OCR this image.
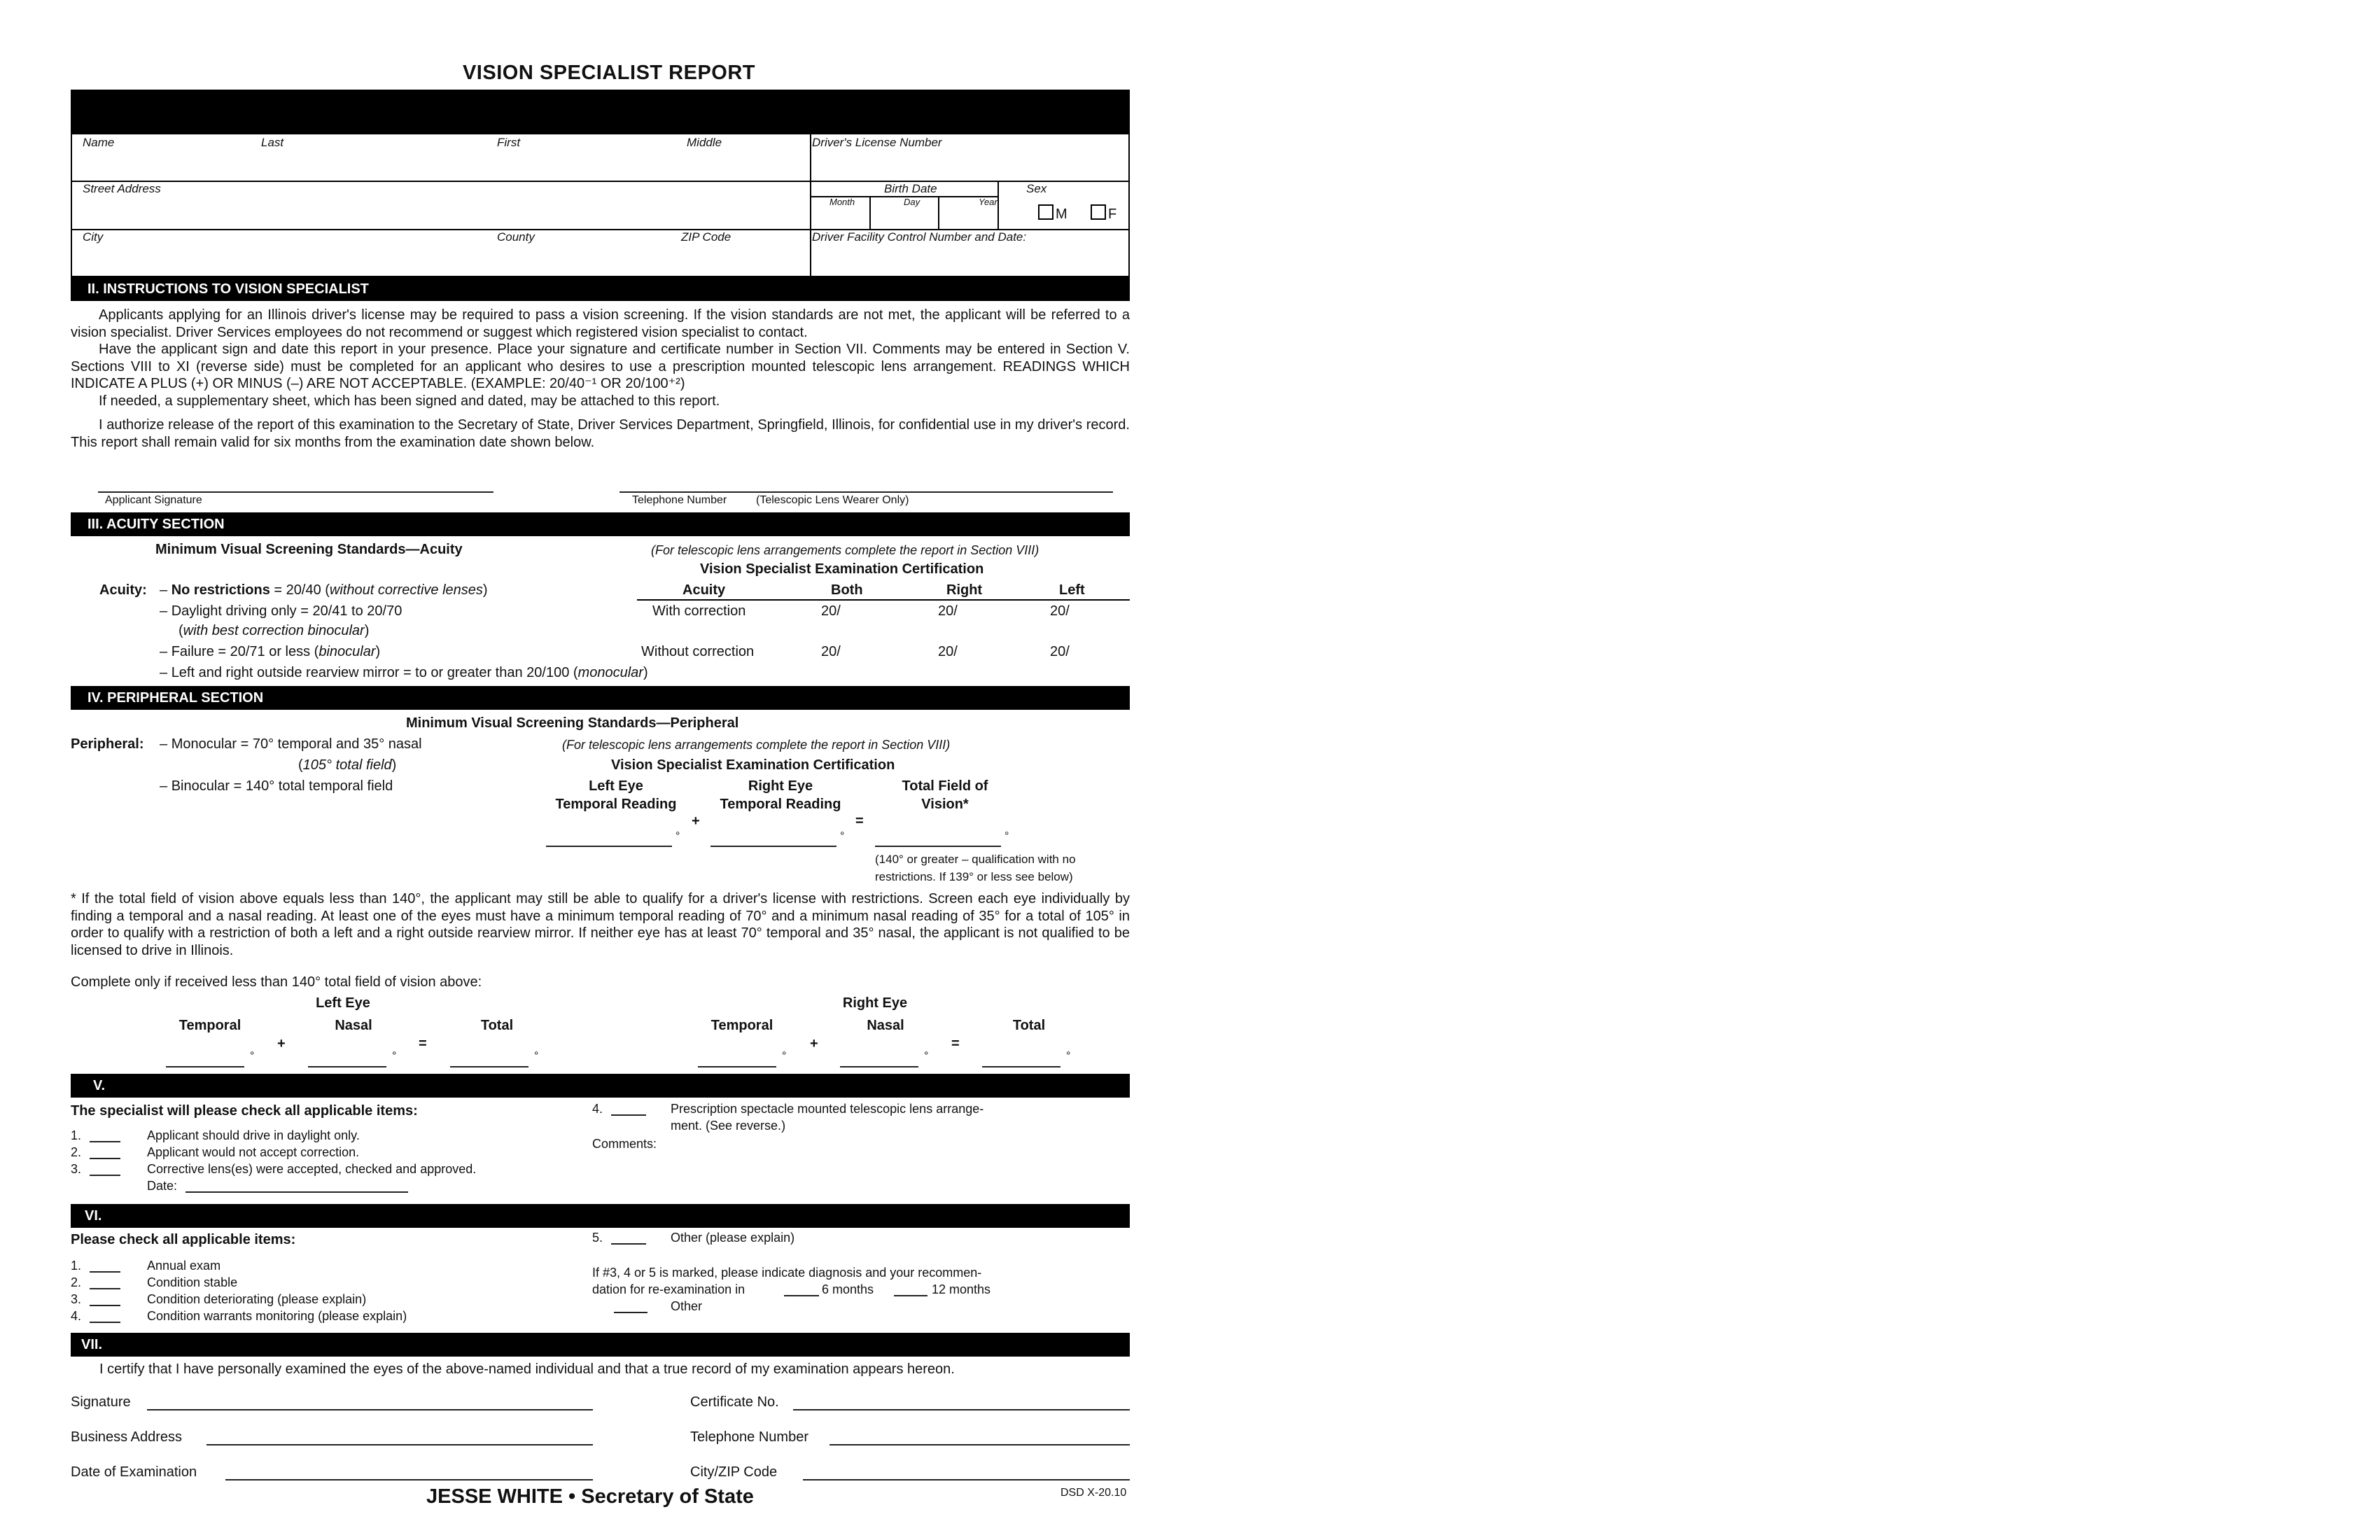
VISION SPECIALIST REPORT
Name	Last	First	Middle	Driver's License Number
Street Address	Birth Date
Month	Day	Year
Sex
M	F
City	County	ZIP Code	Driver Facility Control Number and Date:
II. INSTRUCTIONS TO VISION SPECIALIST

Applicants applying for an Illinois driver's license may be required to pass a vision screening. If the vision standards are not met, the applicant will be referred to a vision specialist. Driver Services employees do not recommend or suggest which registered vision specialist to contact.

Have the applicant sign and date this report in your presence. Place your signature and certificate number in Section VII. Comments may be entered in Section V. Sections VIII to XI (reverse side) must be completed for an applicant who desires to use a prescription mounted telescopic lens arrangement. READINGS WHICH INDICATE A PLUS (+) OR MINUS (–) ARE NOT ACCEPTABLE. (EXAMPLE: 20/40⁻¹ OR 20/100⁺²)

If needed, a supplementary sheet, which has been signed and dated, may be attached to this report.

I authorize release of the report of this examination to the Secretary of State, Driver Services Department, Springfield, Illinois, for confidential use in my driver's record. This report shall remain valid for six months from the examination date shown below.

Applicant Signature	Telephone Number	(Telescopic Lens Wearer Only)
III. ACUITY SECTION
Minimum Visual Screening Standards—Acuity	(For telescopic lens arrangements complete the report in Section VIII)
Vision Specialist Examination Certification
Acuity: – No restrictions = 20/40 (without corrective lenses)
– Daylight driving only = 20/41 to 20/70
(with best correction binocular)
– Failure = 20/71 or less (binocular)
– Left and right outside rearview mirror = to or greater than 20/100 (monocular)
Acuity	Both	Right	Left
With correction	20/	20/	20/
Without correction	20/	20/	20/
IV. PERIPHERAL SECTION
Minimum Visual Screening Standards—Peripheral
Peripheral: – Monocular = 70° temporal and 35° nasal
(105° total field)
– Binocular = 140° total temporal field
(For telescopic lens arrangements complete the report in Section VIII)
Vision Specialist Examination Certification
Left Eye
Temporal Reading
Right Eye
Temporal Reading
Total Field of
Vision*
+	=
°	°	°
(140° or greater – qualification with no
restrictions. If 139° or less see below)

* If the total field of vision above equals less than 140°, the applicant may still be able to qualify for a driver's license with restrictions. Screen each eye individually by finding a temporal and a nasal reading. At least one of the eyes must have a minimum temporal reading of 70° and a minimum nasal reading of 35° for a total of 105° in order to qualify with a restriction of both a left and a right outside rearview mirror. If neither eye has at least 70° temporal and 35° nasal, the applicant is not qualified to be licensed to drive in Illinois.

Complete only if received less than 140° total field of vision above:
Left Eye	Right Eye
Temporal	Nasal	Total	Temporal	Nasal	Total
+	=	+	=
°	°	°	°	°	°
V.
The specialist will please check all applicable items:
1.	Applicant should drive in daylight only.
2.	Applicant would not accept correction.
3.	Corrective lens(es) were accepted, checked and approved.
Date:
4.	Prescription spectacle mounted telescopic lens arrange-
ment. (See reverse.)
Comments:
VI.
Please check all applicable items:
1.	Annual exam
2.	Condition stable
3.	Condition deteriorating (please explain)
4.	Condition warrants monitoring (please explain)
5.	Other (please explain)
If #3, 4 or 5 is marked, please indicate diagnosis and your recommen-
dation for re-examination in	6 months	12 months
Other
VII.
I certify that I have personally examined the eyes of the above-named individual and that a true record of my examination appears hereon.
Signature	Certificate No.
Business Address	Telephone Number
Date of Examination	City/ZIP Code
JESSE WHITE • Secretary of State	DSD X-20.10
